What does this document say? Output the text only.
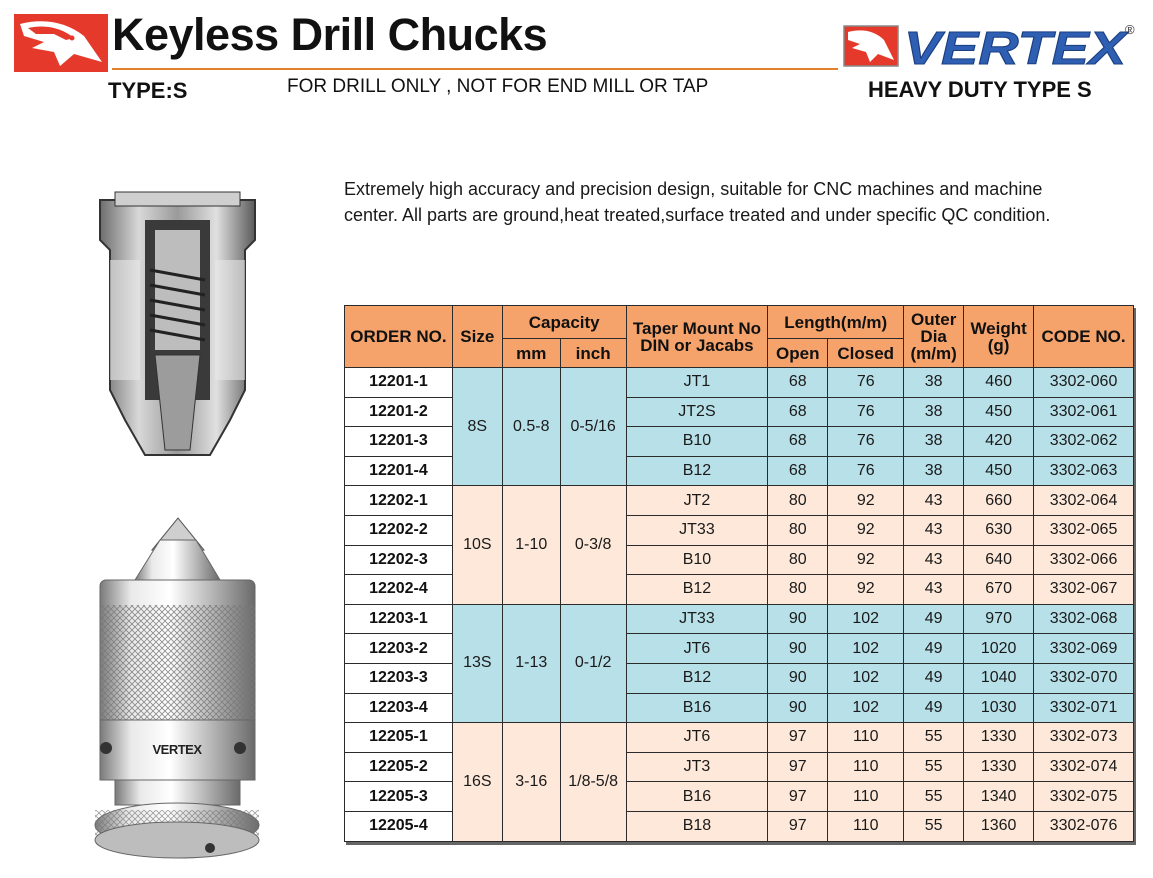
Keyless Drill Chucks
TYPE:S	FOR DRILL ONLY , NOT FOR END MILL OR TAP
VERTEX
®
HEAVY DUTY TYPE S
Extremely high accuracy and precision design, suitable for CNC machines and machine center. All parts are ground,heat treated,surface treated and under specific QC condition.
VERTEX
ORDER NO.	Size	Capacity		Taper Mount No DIN or Jacabs	Length(m/m)		Outer Dia (m/m)	Weight (g)	CODE NO.
		mm	inch		Open	Closed			
12201-1	8S	0.5-8	0-5/16	JT1	68	76	38	460	3302-060
12201-2				JT2S	68	76	38	450	3302-061
12201-3				B10	68	76	38	420	3302-062
12201-4				B12	68	76	38	450	3302-063
12202-1	10S	1-10	0-3/8	JT2	80	92	43	660	3302-064
12202-2				JT33	80	92	43	630	3302-065
12202-3				B10	80	92	43	640	3302-066
12202-4				B12	80	92	43	670	3302-067
12203-1	13S	1-13	0-1/2	JT33	90	102	49	970	3302-068
12203-2				JT6	90	102	49	1020	3302-069
12203-3				B12	90	102	49	1040	3302-070
12203-4				B16	90	102	49	1030	3302-071
12205-1	16S	3-16	1/8-5/8	JT6	97	110	55	1330	3302-073
12205-2				JT3	97	110	55	1330	3302-074
12205-3				B16	97	110	55	1340	3302-075
12205-4				B18	97	110	55	1360	3302-076
